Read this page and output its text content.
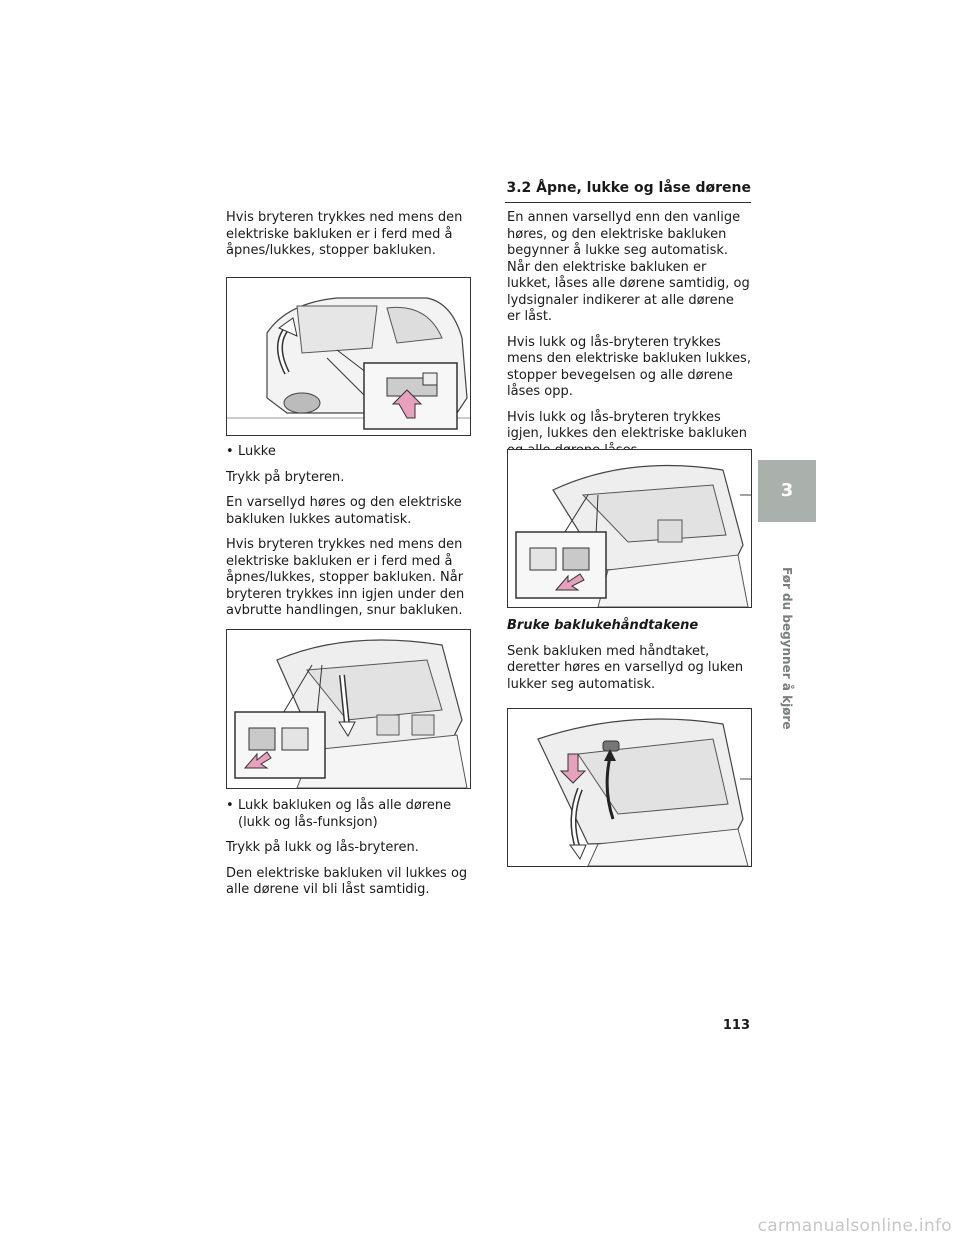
3.2 Åpne, lukke og låse dørene

Hvis bryteren trykkes ned mens den elektriske bakluken er i ferd med å åpnes/lukkes, stopper bakluken.

• Lukke

Trykk på bryteren.

En varsellyd høres og den elektriske bakluken lukkes automatisk.

Hvis bryteren trykkes ned mens den elektriske bakluken er i ferd med å åpnes/lukkes, stopper bakluken. Når bryteren trykkes inn igjen under den avbrutte handlingen, snur bakluken.

• Lukk bakluken og lås alle dørene (lukk og lås-funksjon)

Trykk på lukk og lås-bryteren.

Den elektriske bakluken vil lukkes og alle dørene vil bli låst samtidig.

En annen varsellyd enn den vanlige høres, og den elektriske bakluken begynner å lukke seg automatisk.

Når den elektriske bakluken er lukket, låses alle dørene samtidig, og lydsignaler indikerer at alle dørene er låst.

Hvis lukk og lås-bryteren trykkes mens den elektriske bakluken lukkes, stopper bevegelsen og alle dørene låses opp.

Hvis lukk og lås-bryteren trykkes igjen, lukkes den elektriske bakluken

Bruke baklukehåndtakene

Senk bakluken med håndtaket, deretter høres en varsellyd og luken lukker seg automatisk.

3
Før du begynner å kjøre
113
carmanualsonline.info
